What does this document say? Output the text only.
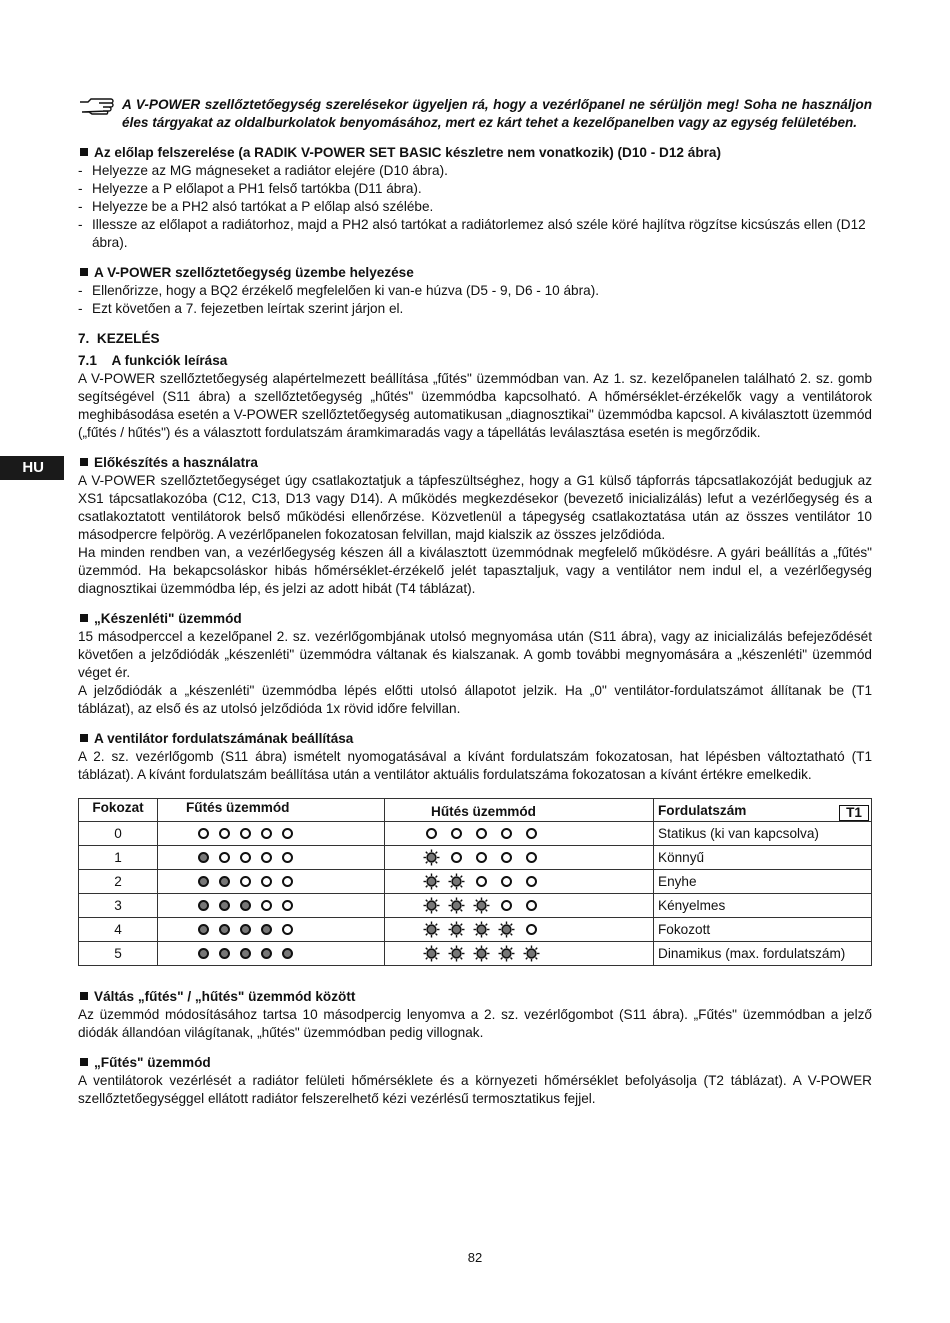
HU
A V-POWER szellőztetőegység szerelésekor ügyeljen rá, hogy a vezérlőpanel ne sérüljön meg! Soha ne használjon éles tárgyakat az oldalburkolatok benyomásához, mert ez kárt tehet a kezelőpanelben vagy az egység felületében.
Az előlap felszerelése (a RADIK V-POWER SET BASIC készletre nem vonatkozik) (D10 - D12 ábra)
- Helyezze az MG mágneseket a radiátor elejére (D10 ábra).
- Helyezze a P előlapot a PH1 felső tartókba (D11 ábra).
- Helyezze be a PH2 alsó tartókat a P előlap alsó szélébe.
- Illessze az előlapot a radiátorhoz, majd a PH2 alsó tartókat a radiátorlemez alsó széle köré hajlítva rögzítse kicsúszás ellen (D12 ábra).
A V-POWER szellőztetőegység üzembe helyezése
- Ellenőrizze, hogy a BQ2 érzékelő megfelelően ki van-e húzva (D5 - 9, D6 - 10 ábra).
- Ezt követően a 7. fejezetben leírtak szerint járjon el.
7.  KEZELÉS
7.1    A funkciók leírása

A V-POWER szellőztetőegység alapértelmezett beállítása „fűtés" üzemmódban van. Az 1. sz. kezelőpanelen található 2. sz. gomb segítségével (S11 ábra) a szellőztetőegység „hűtés" üzemmódba kapcsolható. A hőmérséklet-érzékelők vagy a ventilátorok meghibásodása esetén a V-POWER szellőztetőegység automatikusan „diagnosztikai" üzemmódba kapcsol. A kiválasztott üzemmód („fűtés / hűtés") és a választott fordulatszám áramkimaradás vagy a tápellátás leválasztása esetén is megőrződik.

Előkészítés a használatra

A V-POWER szellőztetőegységet úgy csatlakoztatjuk a tápfeszültséghez, hogy a G1 külső tápforrás tápcsatlakozóját bedugjuk az XS1 tápcsatlakozóba (C12, C13, D13 vagy D14). A működés megkezdésekor (bevezető inicializálás) lefut a vezérlőegység és a csatlakoztatott ventilátorok belső működési ellenőrzése. Közvetlenül a tápegység csatlakoztatása után az összes ventilátor 10 másodpercre felpörög. A vezérlőpanelen fokozatosan felvillan, majd kialszik az összes jelződióda.

Ha minden rendben van, a vezérlőegység készen áll a kiválasztott üzemmódnak megfelelő működésre. A gyári beállítás a „fűtés" üzemmód. Ha bekapcsoláskor hibás hőmérséklet-érzékelő jelét tapasztaljuk, vagy a ventilátor nem indul el, a vezérlőegység diagnosztikai üzemmódba lép, és jelzi az adott hibát (T4 táblázat).

„Készenléti" üzemmód

15 másodperccel a kezelőpanel 2. sz. vezérlőgombjának utolsó megnyomása után (S11 ábra), vagy az inicializálás befejeződését követően a jelződiódák „készenléti" üzemmódra váltanak és kialszanak. A gomb további megnyomására a „készenléti" üzemmód véget ér.

A jelződiódák a „készenléti" üzemmódba lépés előtti utolsó állapotot jelzik. Ha „0" ventilátor-fordulatszámot állítanak be (T1 táblázat), az első és az utolsó jelződióda 1x rövid időre felvillan.

A ventilátor fordulatszámának beállítása

A 2. sz. vezérlőgomb (S11 ábra) ismételt nyomogatásával a kívánt fordulatszám fokozatosan, hat lépésben változtatható (T1 táblázat). A kívánt fordulatszám beállítása után a ventilátor aktuális fordulatszáma fokozatosan a kívánt értékre emelkedik.

Fokozat	Fűtés üzemmód	Hűtés üzemmód	Fordulatszám T1

0			Statikus (ki van kapcsolva)
1			Könnyű
2			Enyhe
3			Kényelmes
4			Fokozott
5			Dinamikus (max. fordulatszám)
Váltás „fűtés" / „hűtés" üzemmód között

Az üzemmód módosításához tartsa 10 másodpercig lenyomva a 2. sz. vezérlőgombot (S11 ábra). „Fűtés" üzemmódban a jelző diódák állandóan világítanak, „hűtés" üzemmódban pedig villognak.

„Fűtés" üzemmód

A ventilátorok vezérlését a radiátor felületi hőmérséklete és a környezeti hőmérséklet befolyásolja (T2 táblázat). A V-POWER szellőztetőegységgel ellátott radiátor felszerelhető kézi vezérlésű termosztatikus fejjel.

82
